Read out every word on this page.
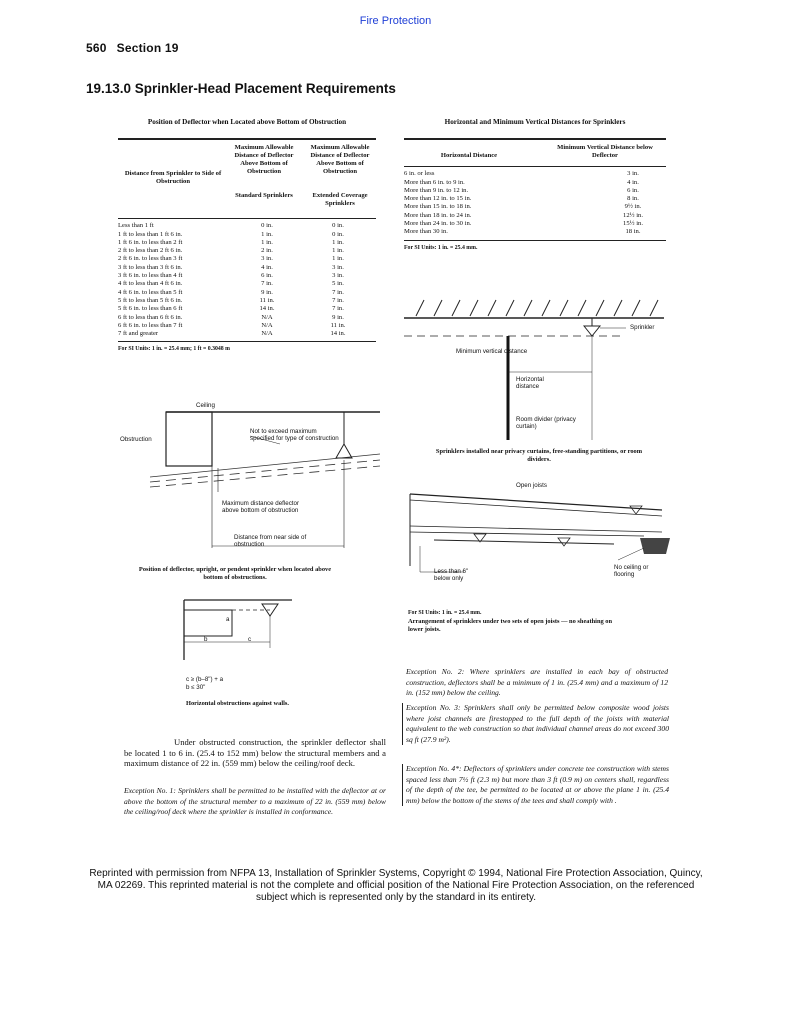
Fire Protection
560 Section 19
19.13.0 Sprinkler-Head Placement Requirements
Position of Deflector when Located above Bottom of Obstruction
Distance from Sprinkler to Side of Obstruction
Maximum Allowable Distance of Deflector Above Bottom of Obstruction
Maximum Allowable Distance of Deflector Above Bottom of Obstruction
Standard Sprinklers	Extended Coverage Sprinklers
Less than 1 ft	0 in.	0 in.
1 ft to less than 1 ft 6 in.	1 in.	0 in.
1 ft 6 in. to less than 2 ft	1 in.	1 in.
2 ft to less than 2 ft 6 in.	2 in.	1 in.
2 ft 6 in. to less than 3 ft	3 in.	1 in.
3 ft to less than 3 ft 6 in.	4 in.	3 in.
3 ft 6 in. to less than 4 ft	6 in.	3 in.
4 ft to less than 4 ft 6 in.	7 in.	5 in.
4 ft 6 in. to less than 5 ft	9 in.	7 in.
5 ft to less than 5 ft 6 in.	11 in.	7 in.
5 ft 6 in. to less than 6 ft	14 in.	7 in.
6 ft to less than 6 ft 6 in.	N/A	9 in.
6 ft 6 in. to less than 7 ft	N/A	11 in.
7 ft and greater	N/A	14 in.
For SI Units: 1 in. = 25.4 mm; 1 ft = 0.3048 m
Horizontal and Minimum Vertical Distances for Sprinklers
Horizontal Distance
Minimum Vertical Distance below Deflector
6 in. or less	3 in.
More than 6 in. to 9 in.	4 in.
More than 9 in. to 12 in.	6 in.
More than 12 in. to 15 in.	8 in.
More than 15 in. to 18 in.	9½ in.
More than 18 in. to 24 in.	12½ in.
More than 24 in. to 30 in.	15½ in.
More than 30 in.	18 in.
For SI Units: 1 in. = 25.4 mm.
Ceiling
Obstruction
Not to exceed maximum specified for type of construction
Maximum distance deflector above bottom of obstruction
Distance from near side of obstruction
Position of deflector, upright, or pendent sprinkler when located above bottom of obstructions.
a
b	c
c ≥ (b–8") + a
b ≤ 30"
Horizontal obstructions against walls.
Under obstructed construction, the sprinkler deflector shall be located 1 to 6 in. (25.4 to 152 mm) below the structural members and a maximum distance of 22 in. (559 mm) below the ceiling/roof deck.
Exception No. 1: Sprinklers shall be permitted to be installed with the deflector at or above the bottom of the structural member to a maximum of 22 in. (559 mm) below the ceiling/roof deck where the sprinkler is installed in conformance.
Sprinkler
Minimum vertical distance
Horizontal distance
Room divider (privacy curtain)
Sprinklers installed near privacy curtains, free-standing partitions, or room dividers.
Open joists
Less than 6" below only
No ceiling or flooring
For SI Units: 1 in. = 25.4 mm.
Arrangement of sprinklers under two sets of open joists — no sheathing on lower joists.
Exception No. 2: Where sprinklers are installed in each bay of obstructed construction, deflectors shall be a minimum of 1 in. (25.4 mm) and a maximum of 12 in. (152 mm) below the ceiling.
Exception No. 3: Sprinklers shall only be permitted below composite wood joists where joist channels are firestopped to the full depth of the joists with material equivalent to the web construction so that individual channel areas do not exceed 300 sq ft (27.9 m²).
Exception No. 4*: Deflectors of sprinklers under concrete tee construction with stems spaced less than 7½ ft (2.3 m) but more than 3 ft (0.9 m) on centers shall, regardless of the depth of the tee, be permitted to be located at or above the plane 1 in. (25.4 mm) below the bottom of the stems of the tees and shall comply with .
Reprinted with permission from NFPA 13, Installation of Sprinkler Systems, Copyright © 1994, National Fire Protection Association, Quincy, MA 02269. This reprinted material is not the complete and official position of the National Fire Protection Association, on the referenced subject which is represented only by the standard in its entirety.
